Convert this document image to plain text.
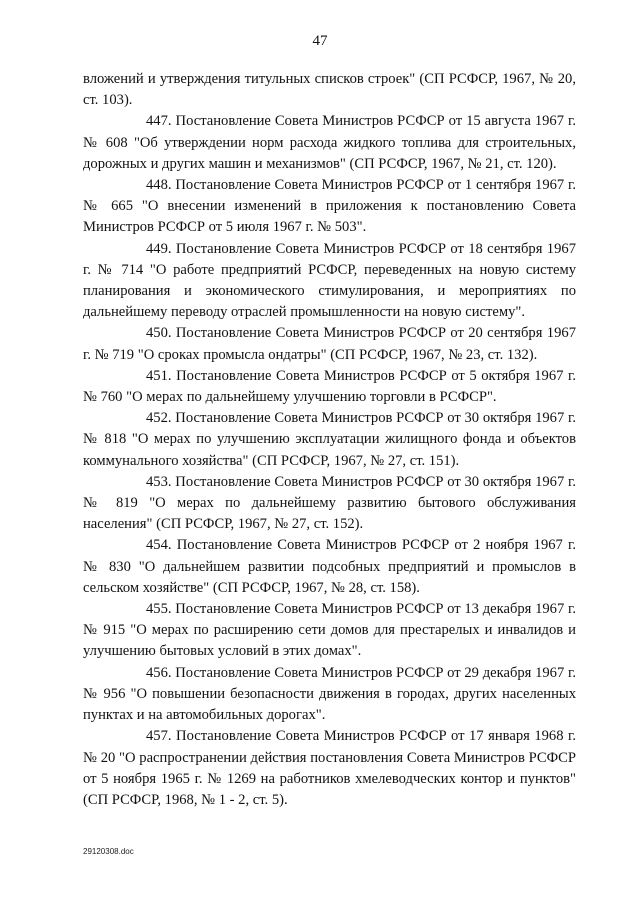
47

вложений и утверждения титульных списков строек" (СП РСФСР, 1967, № 20, ст. 103).

447. Постановление Совета Министров РСФСР от 15 августа 1967 г. № 608 "Об утверждении норм расхода жидкого топлива для строительных, дорожных и других машин и механизмов" (СП РСФСР, 1967, № 21, ст. 120).

448. Постановление Совета Министров РСФСР от 1 сентября 1967 г. № 665 "О внесении изменений в приложения к постановлению Совета Министров РСФСР от 5 июля 1967 г. № 503".

449. Постановление Совета Министров РСФСР от 18 сентября 1967 г. № 714 "О работе предприятий РСФСР, переведенных на новую систему планирования и экономического стимулирования, и мероприятиях по дальнейшему переводу отраслей промышленности на новую систему".

450. Постановление Совета Министров РСФСР от 20 сентября 1967 г. № 719 "О сроках промысла ондатры" (СП РСФСР, 1967, № 23, ст. 132).

451. Постановление Совета Министров РСФСР от 5 октября 1967 г. № 760 "О мерах по дальнейшему улучшению торговли в РСФСР".

452. Постановление Совета Министров РСФСР от 30 октября 1967 г. № 818 "О мерах по улучшению эксплуатации жилищного фонда и объектов коммунального хозяйства" (СП РСФСР, 1967, № 27, ст. 151).

453. Постановление Совета Министров РСФСР от 30 октября 1967 г. № 819 "О мерах по дальнейшему развитию бытового обслуживания населения" (СП РСФСР, 1967, № 27, ст. 152).

454. Постановление Совета Министров РСФСР от 2 ноября 1967 г. № 830 "О дальнейшем развитии подсобных предприятий и промыслов в сельском хозяйстве" (СП РСФСР, 1967, № 28, ст. 158).

455. Постановление Совета Министров РСФСР от 13 декабря 1967 г. № 915 "О мерах по расширению сети домов для престарелых и инвалидов и улучшению бытовых условий в этих домах".

456. Постановление Совета Министров РСФСР от 29 декабря 1967 г. № 956 "О повышении безопасности движения в городах, других населенных пунктах и на автомобильных дорогах".

457. Постановление Совета Министров РСФСР от 17 января 1968 г. № 20 "О распространении действия постановления Совета Министров РСФСР от 5 ноября 1965 г. № 1269 на работников хмелеводческих контор и пунктов" (СП РСФСР, 1968, № 1 - 2, ст. 5).

29120308.doc
